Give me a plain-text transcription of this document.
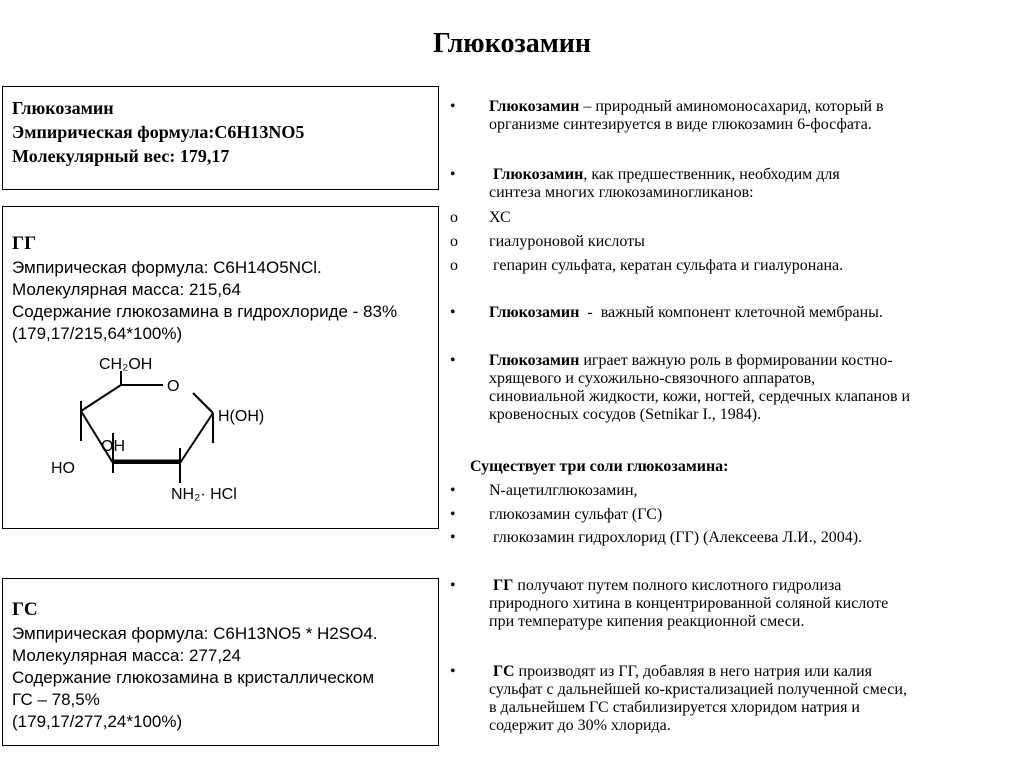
Глюкозамин
Глюкозамин
Эмпирическая формула:C6H13NO5
Молекулярный вес: 179,17
ГГ
Эмпирическая формула: C6H14O5NCl.
Молекулярная масса: 215,64
Содержание глюкозамина в гидрохлориде - 83%
(179,17/215,64*100%)
CH₂OH
O
H(OH)
OH
HO
NH₂· HCl
ГС
Эмпирическая формула: C6H13NO5 * H2SO4.
Молекулярная масса: 277,24
Содержание глюкозамина в кристаллическом
ГС – 78,5%
(179,17/277,24*100%)
•	Глюкозамин – природный аминомоносахарид, который в
организме синтезируется в виде глюкозамин 6-фосфата.
•	Глюкозамин, как предшественник, необходим для
синтеза многих глюкозаминогликанов:
o	ХС
o	гиалуроновой кислоты
o	гепарин сульфата, кератан сульфата и гиалуронана.
•	Глюкозамин  -  важный компонент клеточной мембраны.
•	Глюкозамин играет важную роль в формировании костно-
хрящевого и сухожильно-связочного аппаратов,
синовиальной жидкости, кожи, ногтей, сердечных клапанов и
кровеносных сосудов (Setnikar I., 1984).
Существует три соли глюкозамина:
•	N-ацетилглюкозамин,
•	глюкозамин сульфат (ГС)
•	глюкозамин гидрохлорид (ГГ) (Алексеева Л.И., 2004).
•	ГГ получают путем полного кислотного гидролиза
природного хитина в концентрированной соляной кислоте
при температуре кипения реакционной смеси.
•	ГС производят из ГГ, добавляя в него натрия или калия
сульфат с дальнейшей ко-кристализацией полученной смеси,
в дальнейшем ГС стабилизируется хлоридом натрия и
содержит до 30% хлорида.
